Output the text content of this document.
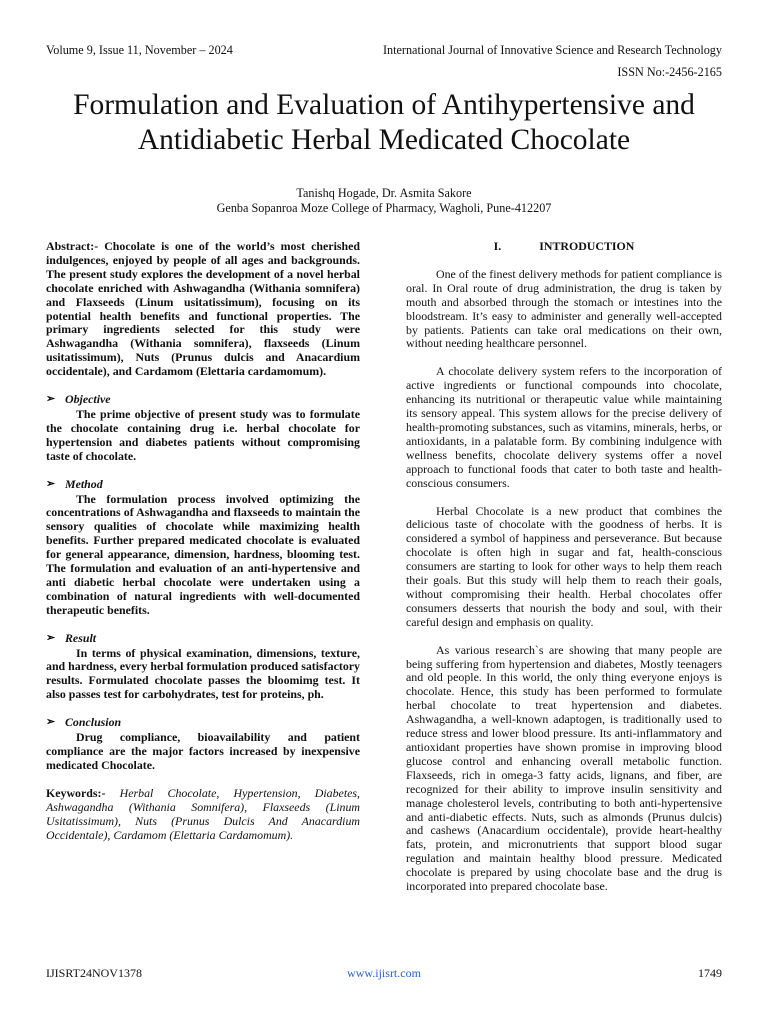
Volume 9, Issue 11, November – 2024	International Journal of Innovative Science and Research Technology
ISSN No:-2456-2165
Formulation and Evaluation of Antihypertensive and Antidiabetic Herbal Medicated Chocolate
Tanishq Hogade, Dr. Asmita Sakore
Genba Sopanroa Moze College of Pharmacy, Wagholi, Pune-412207

Abstract:- Chocolate is one of the world’s most cherished indulgences, enjoyed by people of all ages and backgrounds. The present study explores the development of a novel herbal chocolate enriched with Ashwagandha (Withania somnifera) and Flaxseeds (Linum usitatissimum), focusing on its potential health benefits and functional properties. The primary ingredients selected for this study were Ashwagandha (Withania somnifera), flaxseeds (Linum usitatissimum), Nuts (Prunus dulcis and Anacardium occidentale), and Cardamom (Elettaria cardamomum).

➢ Objective

The prime objective of present study was to formulate the chocolate containing drug i.e. herbal chocolate for hypertension and diabetes patients without compromising taste of chocolate.

➢ Method

The formulation process involved optimizing the concentrations of Ashwagandha and flaxseeds to maintain the sensory qualities of chocolate while maximizing health benefits. Further prepared medicated chocolate is evaluated for general appearance, dimension, hardness, blooming test. The formulation and evaluation of an anti-hypertensive and anti diabetic herbal chocolate were undertaken using a combination of natural ingredients with well-documented therapeutic benefits.

➢ Result

In terms of physical examination, dimensions, texture, and hardness, every herbal formulation produced satisfactory results. Formulated chocolate passes the bloomimg test. It also passes test for carbohydrates, test for proteins, ph.

➢ Conclusion

Drug compliance, bioavailability and patient compliance are the major factors increased by inexpensive medicated Chocolate.

Keywords:- Herbal Chocolate, Hypertension, Diabetes, Ashwagandha (Withania Somnifera), Flaxseeds (Linum Usitatissimum), Nuts (Prunus Dulcis And Anacardium Occidentale), Cardamom (Elettaria Cardamomum).

I.	INTRODUCTION

One of the finest delivery methods for patient compliance is oral. In Oral route of drug administration, the drug is taken by mouth and absorbed through the stomach or intestines into the bloodstream. It’s easy to administer and generally well-accepted by patients. Patients can take oral medications on their own, without needing healthcare personnel.

A chocolate delivery system refers to the incorporation of active ingredients or functional compounds into chocolate, enhancing its nutritional or therapeutic value while maintaining its sensory appeal. This system allows for the precise delivery of health-promoting substances, such as vitamins, minerals, herbs, or antioxidants, in a palatable form. By combining indulgence with wellness benefits, chocolate delivery systems offer a novel approach to functional foods that cater to both taste and health-conscious consumers.

Herbal Chocolate is a new product that combines the delicious taste of chocolate with the goodness of herbs. It is considered a symbol of happiness and perseverance. But because chocolate is often high in sugar and fat, health-conscious consumers are starting to look for other ways to help them reach their goals. But this study will help them to reach their goals, without compromising their health. Herbal chocolates offer consumers desserts that nourish the body and soul, with their careful design and emphasis on quality.

As various research`s are showing that many people are being suffering from hypertension and diabetes, Mostly teenagers and old people. In this world, the only thing everyone enjoys is chocolate. Hence, this study has been performed to formulate herbal chocolate to treat hypertension and diabetes. Ashwagandha, a well-known adaptogen, is traditionally used to reduce stress and lower blood pressure. Its anti-inflammatory and antioxidant properties have shown promise in improving blood glucose control and enhancing overall metabolic function. Flaxseeds, rich in omega-3 fatty acids, lignans, and fiber, are recognized for their ability to improve insulin sensitivity and manage cholesterol levels, contributing to both anti-hypertensive and anti-diabetic effects. Nuts, such as almonds (Prunus dulcis) and cashews (Anacardium occidentale), provide heart-healthy fats, protein, and micronutrients that support blood sugar regulation and maintain healthy blood pressure. Medicated chocolate is prepared by using chocolate base and the drug is incorporated into prepared chocolate base.

IJISRT24NOV1378	www.ijisrt.com	1749
